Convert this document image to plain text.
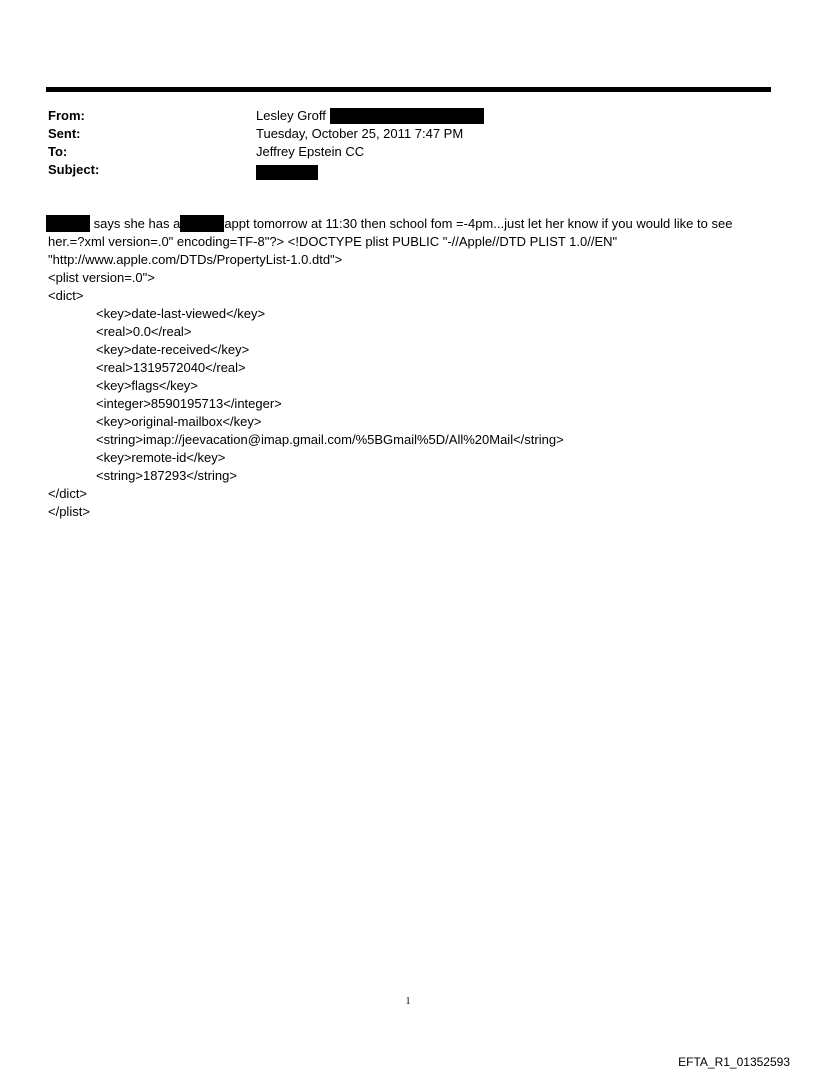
From:	Lesley Groff
Sent:	Tuesday, October 25, 2011 7:47 PM
To:	Jeffrey Epstein CC
Subject:
says she has a	appt tomorrow at 11:30 then school fom =-4pm...just let her know if you would like to see
her.=?xml version=.0" encoding=TF-8"?> <!DOCTYPE plist PUBLIC "-//Apple//DTD PLIST 1.0//EN"
"http://www.apple.com/DTDs/PropertyList-1.0.dtd">
<plist version=.0">
<dict>
<key>date-last-viewed</key>
<real>0.0</real>
<key>date-received</key>
<real>1319572040</real>
<key>flags</key>
<integer>8590195713</integer>
<key>original-mailbox</key>
<string>imap://jeevacation@imap.gmail.com/%5BGmail%5D/All%20Mail</string>
<key>remote-id</key>
<string>187293</string>
</dict>
</plist>
1
EFTA_R1_01352593
